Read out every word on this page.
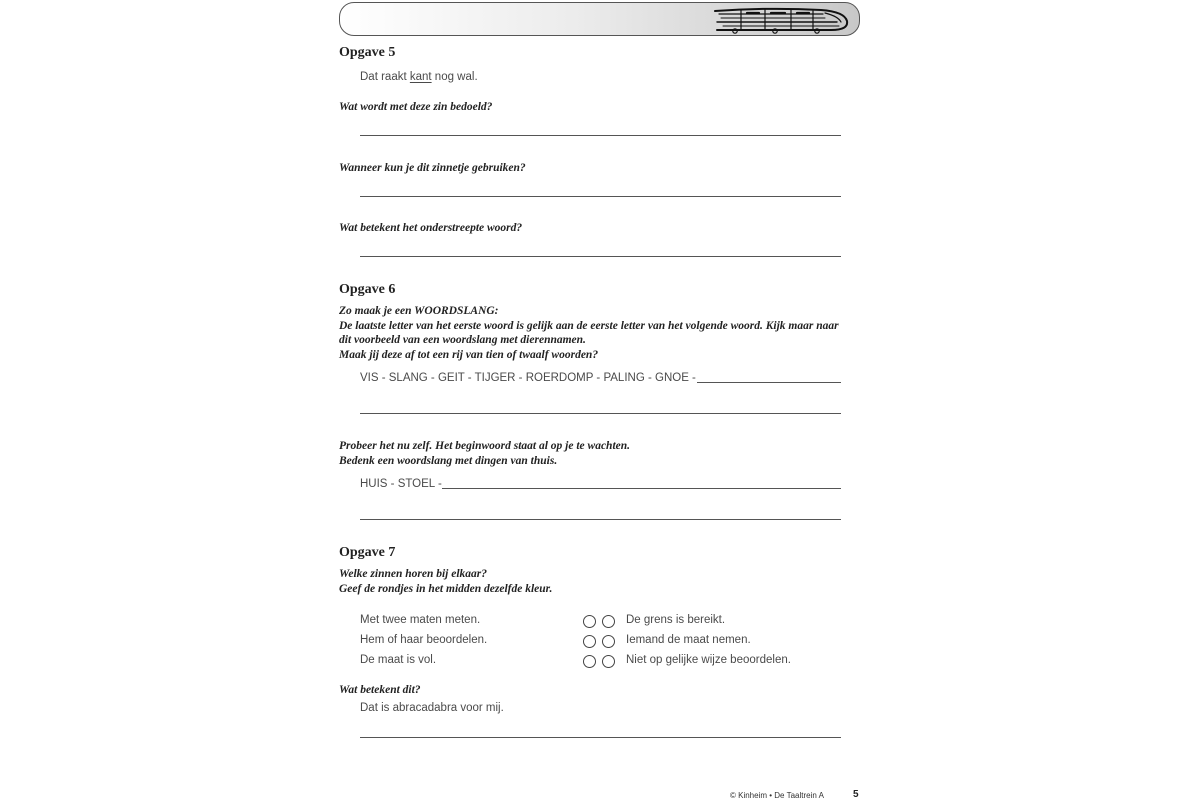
Opgave 5
Dat raakt kant nog wal.
Wat wordt met deze zin bedoeld?
Wanneer kun je dit zinnetje gebruiken?
Wat betekent het onderstreepte woord?
Opgave 6
Zo maak je een WOORDSLANG:
De laatste letter van het eerste woord is gelijk aan de eerste letter van het volgende woord. Kijk maar naar
dit voorbeeld van een woordslang met dierennamen.
Maak jij deze af tot een rij van tien of twaalf woorden?
VIS - SLANG - GEIT - TIJGER - ROERDOMP - PALING - GNOE -
Probeer het nu zelf. Het beginwoord staat al op je te wachten.
Bedenk een woordslang met dingen van thuis.
HUIS - STOEL -
Opgave 7
Welke zinnen horen bij elkaar?
Geef de rondjes in het midden dezelfde kleur.
Met twee maten meten.
Hem of haar beoordelen.
De maat is vol.
De grens is bereikt.
Iemand de maat nemen.
Niet op gelijke wijze beoordelen.
Wat betekent dit?
Dat is abracadabra voor mij.
© Kinheim • De Taaltrein A	5
